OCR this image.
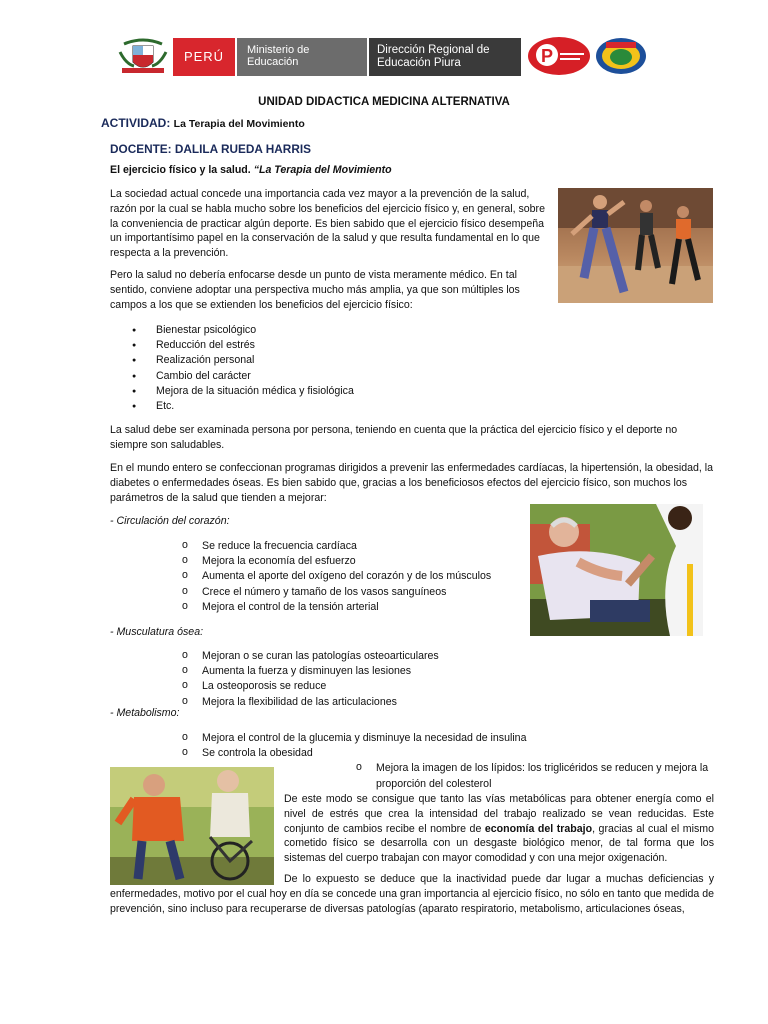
PERÚ	Ministerio de Educación
Dirección Regional de Educación Piura	P
UNIDAD DIDACTICA MEDICINA ALTERNATIVA
ACTIVIDAD: La Terapia del Movimiento
DOCENTE: DALILA RUEDA HARRIS
El ejercicio físico y la salud. “La Terapia del Movimiento
La sociedad actual concede una importancia cada vez mayor a la prevención de la salud, razón por la cual se habla mucho sobre los beneficios del ejercicio físico y, en general, sobre la conveniencia de practicar algún deporte. Es bien sabido que el ejercicio físico desempeña un importantísimo papel en la conservación de la salud y que resulta fundamental en lo que respecta a la prevención.
Pero la salud no debería enfocarse desde un punto de vista meramente médico. En tal sentido, conviene adoptar una perspectiva mucho más amplia, ya que son múltiples los campos a los que se extienden los beneficios del ejercicio físico:
● Bienestar psicológico
● Reducción del estrés
● Realización personal
● Cambio del carácter
● Mejora de la situación médica y fisiológica
● Etc.
La salud debe ser examinada persona por persona, teniendo en cuenta que la práctica del ejercicio físico y el deporte no siempre son saludables.
En el mundo entero se confeccionan programas dirigidos a prevenir las enfermedades cardíacas, la hipertensión, la obesidad, la diabetes o enfermedades óseas. Es bien sabido que, gracias a los beneficiosos efectos del ejercicio físico, son muchos los parámetros de la salud que tienden a mejorar:
- Circulación del corazón:
o Se reduce la frecuencia cardíaca
o Mejora la economía del esfuerzo
o Aumenta el aporte del oxígeno del corazón y de los músculos
o Crece el número y tamaño de los vasos sanguíneos
o Mejora el control de la tensión arterial
- Musculatura ósea:
o Mejoran o se curan las patologías osteoarticulares
o Aumenta la fuerza y disminuyen las lesiones
o La osteoporosis se reduce
o Mejora la flexibilidad de las articulaciones
- Metabolismo:
o Mejora el control de la glucemia y disminuye la necesidad de insulina
o Se controla la obesidad
o	Mejora la imagen de los lípidos: los triglicéridos se reducen y mejora la proporción del colesterol
De este modo se consigue que tanto las vías metabólicas para obtener energía como el nivel de estrés que crea la intensidad del trabajo realizado se vean reducidas. Este conjunto de cambios recibe el nombre de economía del trabajo, gracias al cual el mismo cometido físico se desarrolla con un desgaste biológico menor, de tal forma que los sistemas del cuerpo trabajan con mayor comodidad y con una mejor oxigenación.
De lo expuesto se deduce que la inactividad puede dar lugar a muchas deficiencias y enfermedades, motivo por el cual hoy en día se concede una gran importancia al ejercicio físico, no sólo en tanto que medida de prevención, sino incluso para recuperarse de diversas patologías (aparato respiratorio, metabolismo, articulaciones óseas,
